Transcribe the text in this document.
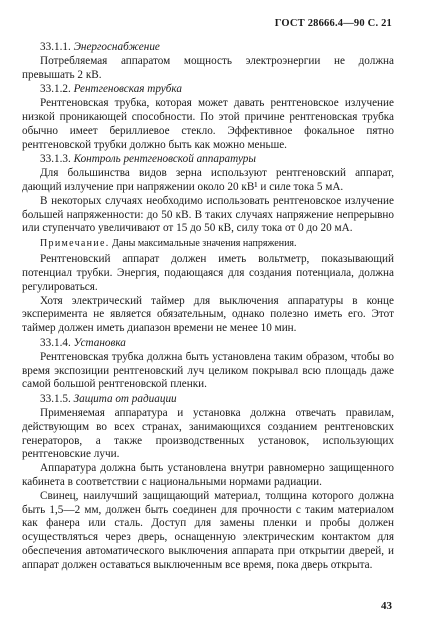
ГОСТ 28666.4—90 С. 21
33.1.1. Энергоснабжение

Потребляемая аппаратом мощность электроэнергии не должна превышать 2 кВ.

33.1.2. Рентгеновская трубка

Рентгеновская трубка, которая может давать рентгеновское излучение низкой проникающей способности. По этой причине рентгеновская трубка обычно имеет бериллиевое стекло. Эффективное фокальное пятно рентгеновской трубки должно быть как можно меньше.

33.1.3. Контроль рентгеновской аппаратуры

Для большинства видов зерна используют рентгеновский аппарат, дающий излучение при напряжении около 20 кВ¹ и силе тока 5 мА.

В некоторых случаях необходимо использовать рентгеновское излучение большей напряженности: до 50 кВ. В таких случаях напряжение непрерывно или ступенчато увеличивают от 15 до 50 кВ, силу тока от 0 до 20 мА.

Примечание. Даны максимальные значения напряжения.

Рентгеновский аппарат должен иметь вольтметр, показывающий потенциал трубки. Энергия, подающаяся для создания потенциала, должна регулироваться.

Хотя электрический таймер для выключения аппаратуры в конце эксперимента не является обязательным, однако полезно иметь его. Этот таймер должен иметь диапазон времени не менее 10 мин.

33.1.4. Установка

Рентгеновская трубка должна быть установлена таким образом, чтобы во время экспозиции рентгеновский луч целиком покрывал всю площадь даже самой большой рентгеновской пленки.

33.1.5. Защита от радиации

Применяемая аппаратура и установка должна отвечать правилам, действующим во всех странах, занимающихся созданием рентгеновских генераторов, а также производственных установок, использующих рентгеновские лучи.

Аппаратура должна быть установлена внутри равномерно защищенного кабинета в соответствии с национальными нормами радиации.

Свинец, наилучший защищающий материал, толщина которого должна быть 1,5—2 мм, должен быть соединен для прочности с таким материалом как фанера или сталь. Доступ для замены пленки и пробы должен осуществляться через дверь, оснащенную электрическим контактом для обеспечения автоматического выключения аппарата при открытии дверей, и аппарат должен оставаться выключенным все время, пока дверь открыта.

43
